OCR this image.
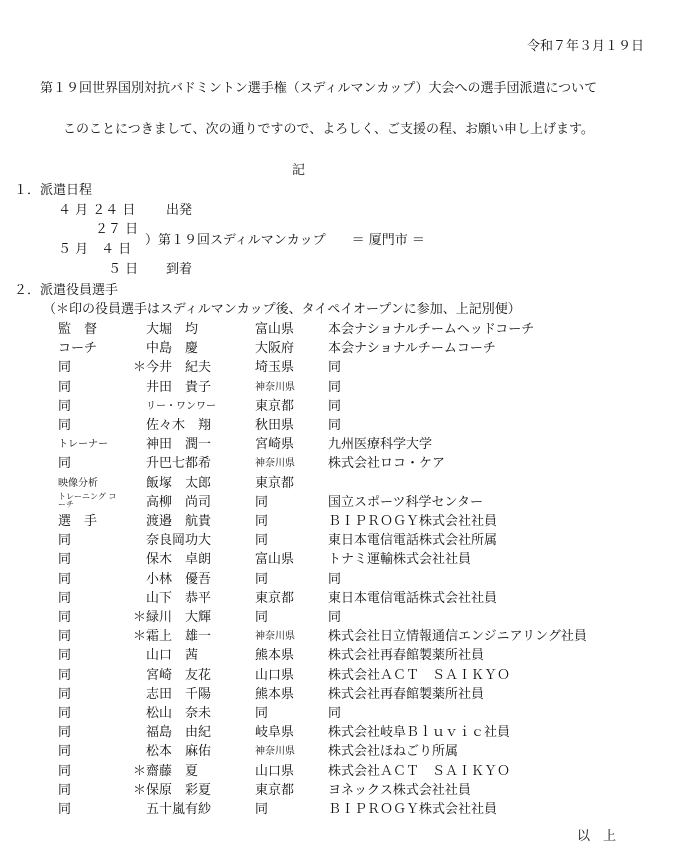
令和７年３月１９日
第１９回世界国別対抗バドミントン選手権（スディルマンカップ）大会への選手団派遣について
このことにつきまして、次の通りですので、よろしく、ご支援の程、お願い申し上げます。
記
１．派遣日程
４ 月 ２４ 日 出発
２７ 日
５ 月　４ 日
）第１９回スディルマンカップ　　＝ 厦門市 ＝
５ 日 到着
２．派遣役員選手
（＊印の役員選手はスディルマンカップ後、タイペイオープンに参加、上記別便）
監　督	大堀　均	富山県	本会ナショナルチームヘッドコーチ
コーチ	中島　慶	大阪府	本会ナショナルチームコーチ
同	＊ 今井　紀夫	埼玉県	同
同	井田　貴子	神奈川県	同
同	リー・ワンワー	東京都	同
同	佐々木　翔	秋田県	同
トレーナー	神田　潤一	宮崎県	九州医療科学大学
同	升巴七都希	神奈川県	株式会社ロコ・ケア
映像分析	飯塚　太郎	東京都
トレーニング コーチ	高柳　尚司	同	国立スポーツ科学センター
選　手	渡邉　航貴	同	ＢＩＰＲＯＧＹ株式会社社員
同	奈良岡功大	同	東日本電信電話株式会社所属
同	保木　卓朗	富山県	トナミ運輸株式会社社員
同	小林　優吾	同	同
同	山下　恭平	東京都	東日本電信電話株式会社社員
同	＊ 緑川　大輝	同	同
同	＊ 霜上　雄一	神奈川県	株式会社日立情報通信エンジニアリング社員
同	山口　茜	熊本県	株式会社再春館製薬所社員
同	宮崎　友花	山口県	株式会社ＡＣＴ　ＳＡＩＫＹＯ
同	志田　千陽	熊本県	株式会社再春館製薬所社員
同	松山　奈未	同	同
同	福島　由紀	岐阜県	株式会社岐阜Ｂｌｕｖｉｃ社員
同	松本　麻佑	神奈川県	株式会社ほねごり所属
同	＊ 齋藤　夏	山口県	株式会社ＡＣＴ　ＳＡＩＫＹＯ
同	＊ 保原　彩夏	東京都	ヨネックス株式会社社員
同	五十嵐有紗	同	ＢＩＰＲＯＧＹ株式会社社員
以　上
